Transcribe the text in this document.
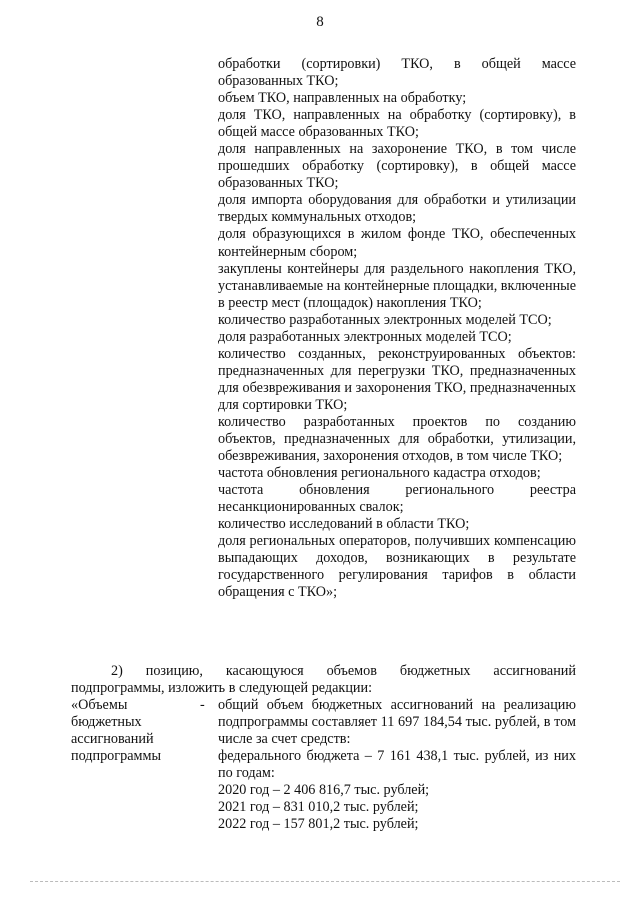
8

обработки (сортировки) ТКО, в общей массе образованных ТКО;

объем ТКО, направленных на обработку;

доля ТКО, направленных на обработку (сортировку), в общей массе образованных ТКО;

доля направленных на захоронение ТКО, в том числе прошедших обработку (сортировку), в общей массе образованных ТКО;

доля импорта оборудования для обработки и утилизации твердых коммунальных отходов;

доля образующихся в жилом фонде ТКО, обеспеченных контейнерным сбором;

закуплены контейнеры для раздельного накопления ТКО, устанавливаемые на контейнерные площадки, включенные в реестр мест (площадок) накопления ТКО;

количество разработанных электронных моделей ТСО;

доля разработанных электронных моделей ТСО;

количество созданных, реконструированных объектов: предназначенных для перегрузки ТКО, предназначенных для обезвреживания и захоронения ТКО, предназначенных для сортировки ТКО;

количество разработанных проектов по созданию объектов, предназначенных для обработки, утилизации, обезвреживания, захоронения отходов, в том числе ТКО;

частота обновления регионального кадастра отходов;

частота обновления регионального реестра несанкционированных свалок;

количество исследований в области ТКО;

доля региональных операторов, получивших компенсацию выпадающих доходов, возникающих в результате государственного регулирования тарифов в области обращения с ТКО»;

2) позицию, касающуюся объемов бюджетных ассигнований подпрограммы, изложить в следующей редакции:

«Объемы
бюджетных
ассигнований
подпрограммы
- общий объем бюджетных ассигнований на реализацию подпрограммы составляет 11 697 184,54 тыс. рублей, в том числе за счет средств:

федерального бюджета – 7 161 438,1 тыс. рублей, из них по годам:

2020 год – 2 406 816,7 тыс. рублей;

2021 год – 831 010,2 тыс. рублей;

2022 год – 157 801,2 тыс. рублей;
